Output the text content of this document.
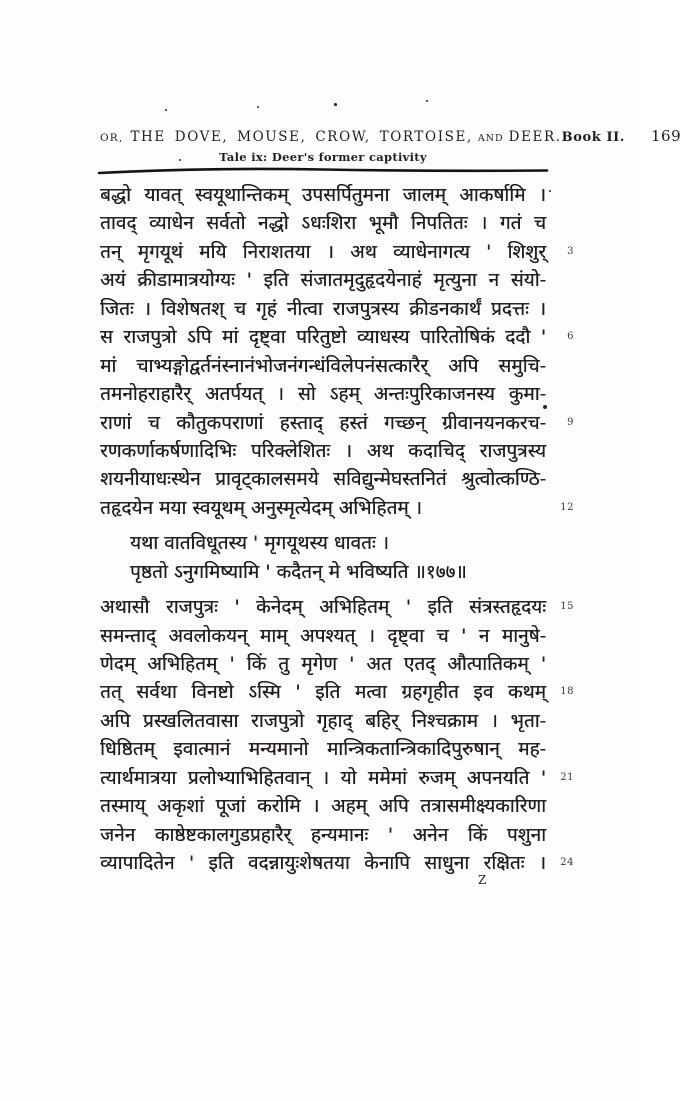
OR, THE DOVE, MOUSE, CROW, TORTOISE, AND DEER. Book II. 169
Tale ix: Deer's former captivity
बद्धो यावत् स्वयूथान्तिकम् उपसर्पितुमना जालम् आकर्षामि ।
तावद् व्याधेन सर्वतो नद्धो ऽधःशिरा भूमौ निपतितः । गतं च
तन् मृगयूथं मयि निराशतया । अथ व्याधेनागत्य ' शिशुर् 3
अयं क्रीडामात्रयोग्यः ' इति संजातमृदुहृदयेनाहं मृत्युना न संयो-
जितः । विशेषतश् च गृहं नीत्वा राजपुत्रस्य क्रीडनकार्थं प्रदत्तः ।
स राजपुत्रो ऽपि मां दृष्ट्वा परितुष्टो व्याधस्य पारितोषिकं ददौ ' 6
मां चाभ्यङ्गोद्वर्तनंस्नानंभोजनंगन्धंविलेपनंसत्कारैर् अपि समुचि-
तमनोहराहारैर् अतर्पयत् । सो ऽहम् अन्तःपुरिकाजनस्य कुमा-
राणां च कौतुकपराणां हस्ताद् हस्तं गच्छन् ग्रीवानयनकरच- 9
रणकर्णाकर्षणादिभिः परिक्लेशितः । अथ कदाचिद् राजपुत्रस्य
शयनीयाधःस्थेन प्रावृट्कालसमये सविद्युन्मेघस्तनितं श्रुत्वोत्कण्ठि-
तहृदयेन मया स्वयूथम् अनुस्मृत्येदम् अभिहितम् ।	12
यथा वातविधूतस्य ' मृगयूथस्य धावतः ।
पृष्ठतो ऽनुगमिष्यामि ' कदैतन् मे भविष्यति ॥१७७॥
अथासौ राजपुत्रः ' केनेदम् अभिहितम् ' इति संत्रस्तहृदयः 15
समन्ताद् अवलोकयन् माम् अपश्यत् । दृष्ट्वा च ' न मानुषे-
णेदम् अभिहितम् ' किं तु मृगेण ' अत एतद् औत्पातिकम् '
तत् सर्वथा विनष्टो ऽस्मि ' इति मत्वा ग्रहगृहीत इव कथम् 18
अपि प्रस्खलितवासा राजपुत्रो गृहाद् बहिर् निश्चक्राम । भृता-
धिष्ठितम् इवात्मानं मन्यमानो मान्त्रिकतान्त्रिकादिपुरुषान् मह-
त्यार्थमात्रया प्रलोभ्याभिहितवान् । यो ममेमां रुजम् अपनयति ' 21
तस्माय् अकृशां पूजां करोमि । अहम् अपि तत्रासमीक्ष्यकारिणा
जनेन काष्ठेष्टकालगुडप्रहारैर् हन्यमानः ' अनेन किं पशुना
व्यापादितेन ' इति वदन्नायुःशेषतया केनापि साधुना रक्षितः । 24
Z
